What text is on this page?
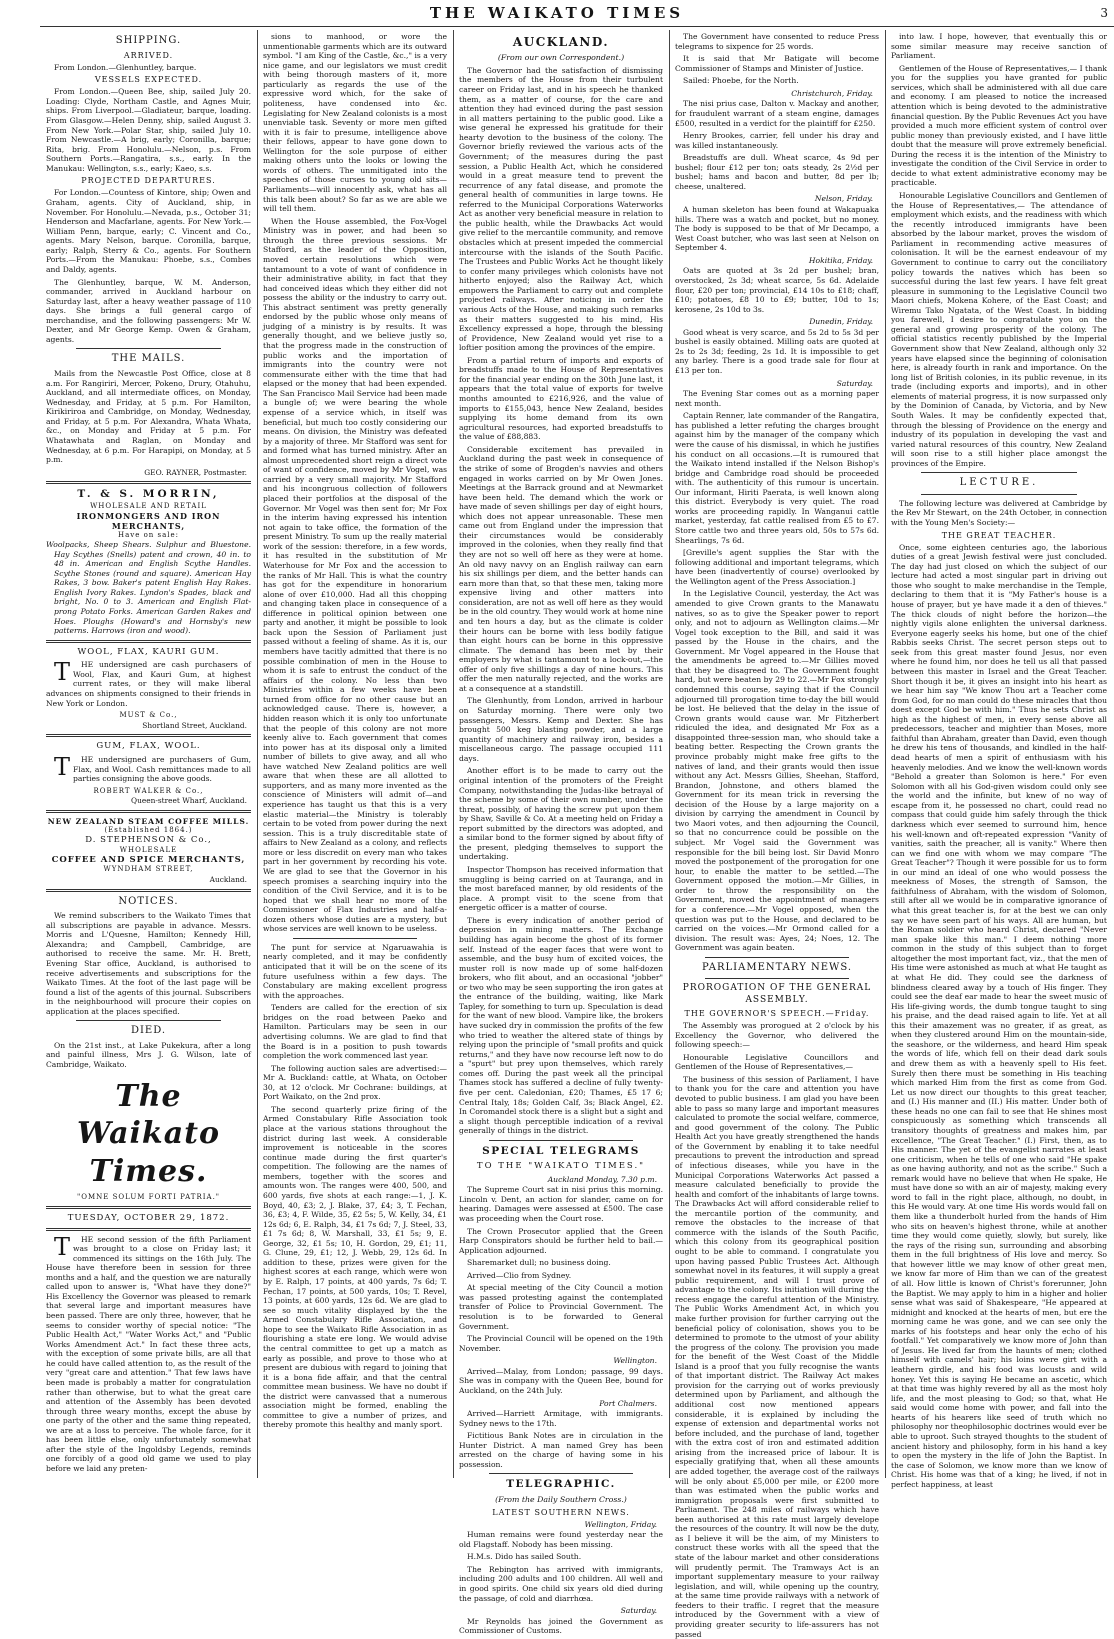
THE WAIKATO TIMES	3
SHIPPING.
ARRIVED.

From London.—Glenhuntley, barque.

VESSELS EXPECTED.

From London.—Queen Bee, ship, sailed July 20. Loading: Clyde, Northam Castle, and Agnes Muir, ships. From Liverpool.—Gladiateur, barque, loading. From Glasgow.—Helen Denny, ship, sailed August 3. From New York.—Polar Star, ship, sailed July 10. From Newcastle.—A brig, early; Coronilla, barque; Rita, brig. From Honolulu.—Nelson, p.s. From Southern Ports.—Rangatira, s.s., early. In the Manukau: Wellington, s.s., early; Kaeo, s.s.

PROJECTED DEPARTURES.

For London.—Countess of Kintore, ship; Owen and Graham, agents. City of Auckland, ship, in November. For Honolulu.—Nevada, p.s., October 31; Henderson and Macfarlane, agents. For New York.—William Penn, barque, early; C. Vincent and Co., agents. Mary Nelson, barque. Coronilla, barque, early; Ralph, Sterry & Co., agents. For Southern Ports.—From the Manukau: Phoebe, s.s., Combes and Daldy, agents.

The Glenhuntley, barque, W. M. Anderson, commander, arrived in Auckland harbour on Saturday last, after a heavy weather passage of 110 days. She brings a full general cargo of merchandise, and the following passengers: Mr W. Dexter, and Mr George Kemp. Owen & Graham, agents.

THE MAILS.

Mails from the Newcastle Post Office, close at 8 a.m. For Rangiriri, Mercer, Pokeno, Drury, Otahuhu, Auckland, and all intermediate offices, on Monday, Wednesday, and Friday, at 5 p.m. For Hamilton, Kirikiriroa and Cambridge, on Monday, Wednesday, and Friday, at 5 p.m. For Alexandra, Whata Whata, &c., on Monday and Friday at 5 p.m. For Whatawhata and Raglan, on Monday and Wednesday, at 6 p.m. For Harapipi, on Monday, at 5 p.m.

GEO. RAYNER, Postmaster.
T. & S. MORRIN,
WHOLESALE AND RETAIL
IRONMONGERS AND IRON MERCHANTS,
Have on sale:

Woolpacks, Sheep Shears. Sulphur and Bluestone. Hay Scythes (Snells) patent and crown, 40 in. to 48 in. American and English Scythe Handles. Scythe Stones (round and square). American Hay Rakes, 3 bow. Baker's patent English Hay Rakes. English Ivory Rakes. Lyndon's Spades, black and bright, No. 0 to 3. American and English Flat-prong Potato Forks. American Garden Rakes and Hoes. Ploughs (Howard's and Hornsby's new patterns. Harrows (iron and wood).

WOOL, FLAX, KAURI GUM.

T HE undersigned are cash purchasers of Wool, Flax, and Kauri Gum, at highest current rates, or they will make liberal advances on shipments consigned to their friends in New York or London.

MUST & Co.,
Shortland Street, Auckland.
GUM, FLAX, WOOL.

T HE undersigned are purchasers of Gum, Flax, and Wool. Cash remittances made to all parties consigning the above goods.

ROBERT WALKER & Co.,
Queen-street Wharf, Auckland.
NEW ZEALAND STEAM COFFEE MILLS.
(Established 1864.)
D. STEPHENSON & Co.,
WHOLESALE
COFFEE AND SPICE MERCHANTS,
WYNDHAM STREET,
Auckland.
NOTICES.

We remind subscribers to the Waikato Times that all subscriptions are payable in advance. Messrs. Morris and L'Quesne, Hamilton; Kennedy Hill, Alexandra; and Campbell, Cambridge, are authorised to receive the same. Mr. H. Brett, Evening Star office, Auckland, is authorised to receive advertisements and subscriptions for the Waikato Times. At the foot of the last page will be found a list of the agents of this journal. Subscribers in the neighbourhood will procure their copies on application at the places specified.

DIED.

On the 21st inst., at Lake Pukekura, after a long and painful illness, Mrs J. G. Wilson, late of Cambridge, Waikato.

The Waikato Times.
"OMNE SOLUM FORTI PATRIA."
TUESDAY, OCTOBER 29, 1872.

T HE second session of the fifth Parliament was brought to a close on Friday last; it commenced its sittings on the 16th July. The House have therefore been in session for three months and a half, and the question we are naturally called upon to answer is, "What have they done?" His Excellency the Governor was pleased to remark that several large and important measures have been passed. There are only three, however, that he seems to consider worthy of special notice: "The Public Health Act," "Water Works Act," and "Public Works Amendment Act." In fact these three acts, with the exception of some private bills, are all that he could have called attention to, as the result of the very "great care and attention." That few laws have been made is probably a matter for congratulation rather than otherwise, but to what the great care and attention of the Assembly has been devoted through three weary months, except the abuse by one party of the other and the same thing repeated, we are at a loss to perceive. The whole farce, for it has been little else, only unfortunately somewhat after the style of the Ingoldsby Legends, reminds one forcibly of a good old game we used to play before we laid any preten-

sions to manhood, or wore the unmentionable garments which are its outward symbol. "I am King of the Castle, &c.," is a very nice game, and our legislators we must credit with being thorough masters of it, more particularly as regards the use of the expressive word which, for the sake of politeness, have condensed into &c. Legislating for New Zealand colonists is a most unenviable task. Seventy or more men gifted with it is fair to presume, intelligence above their fellows, appear to have gone down to Wellington for the sole purpose of either making others unto the looks or lowing the words of others. The unmitigated into the speeches of those curses to young old sits—Parliaments—will innocently ask, what has all this talk been about? So far as we are able we will tell them.

When the House assembled, the Fox-Vogel Ministry was in power, and had been so through the three previous sessions. Mr Stafford, as the leader of the Opposition, moved certain resolutions which were tantamount to a vote of want of confidence in their administrative ability, in fact that they had conceived ideas which they either did not possess the ability or the industry to carry out. This abstract sentiment was pretty generally endorsed by the public whose only means of judging of a ministry is by results. It was generally thought, and we believe justly so, that the progress made in the construction of public works and the importation of immigrants into the country were not commensurate either with the time that had elapsed or the money that had been expended. The San Francisco Mail Service had been made a bungle of; we were bearing the whole expense of a service which, in itself was beneficial, but much too costly considering our means. On division, the Ministry was defeated by a majority of three. Mr Stafford was sent for and formed what has turned ministry. After an almost unprecedented short reign a direct vote of want of confidence, moved by Mr Vogel, was carried by a very small majority. Mr Stafford and his incongruous collection of followers placed their portfolios at the disposal of the Governor. Mr Vogel was then sent for; Mr Fox in the interim having expressed his intention not again to take office, the formation of the present Ministry. To sum up the really material work of the session: therefore, in a few words, it has resulted in the substitution of Mr Waterhouse for Mr Fox and the accession to the ranks of Mr Hall. This is what the country has got for the expenditure in honorarium alone of over £10,000. Had all this chopping and changing taken place in consequence of a difference in political opinion between one party and another, it might be possible to look back upon the Session of Parliament just passed without a feeling of shame. As it is, our members have tacitly admitted that there is no possible combination of men in the House to whom it is safe to entrust the conduct of the affairs of the colony. No less than two Ministries within a few weeks have been turned from office for no other cause but an acknowledged cause. There is, however, a hidden reason which it is only too unfortunate that the people of this colony are not more keenly alive to. Each government that comes into power has at its disposal only a limited number of billets to give away, and all who have watched New Zealand politics are well aware that when these are all allotted to supporters, and as many more invented as the conscience of Ministers will admit of—and experience has taught us that this is a very elastic material—the Ministry is tolerably certain to be voted from power during the next session. This is a truly discreditable state of affairs to New Zealand as a colony, and reflects more or less discredit on every man who takes part in her government by recording his vote. We are glad to see that the Governor in his speech promises a searching inquiry into the condition of the Civil Service, and it is to be hoped that we shall hear no more of the Commissioner of Flax Industries and half-a-dozen others whose duties are a mystery, but whose services are well known to be useless.

The punt for service at Ngaruawahia is nearly completed, and it may be confidently anticipated that it will be on the scene of its future usefulness within a few days. The Constabulary are making excellent progress with the approaches.

Tenders are called for the erection of six bridges on the road between Paeko and Hamilton. Particulars may be seen in our advertising columns. We are glad to find that the Board is in a position to push towards completion the work commenced last year.

The following auction sales are advertised:—Mr A. Buckland: cattle, at Whata, on October 30, at 12 o'clock. Mr Cochrane: buildings, at Port Waikato, on the 2nd prox.

The second quarterly prize firing of the Armed Constabulary Rifle Association took place at the various stations throughout the district during last week. A considerable improvement is noticeable in the scores continue made during the first quarter's competition. The following are the names of members, together with the scores and amounts won. The ranges were 400, 500, and 600 yards, five shots at each range:—1, J. K. Boyd, 40, £3; 2, J. Blake, 37, £4; 3, T. Fechan, 36, £3; 4, F. Wilde, 35, £2 5s; 5, W. Kelly, 34, £1 12s 6d; 6, E. Ralph, 34, £1 7s 6d; 7, J. Steel, 33, £1 7s 6d; 8, W. Marshall, 33, £1 5s; 9, E. George, 32, £1 5s; 10, H. Gordon, 29, £1; 11, G. Clune, 29, £1; 12, J. Webb, 29, 12s 6d. In addition to these, prizes were given for the highest scores at each range, which were won by E. Ralph, 17 points, at 400 yards, 7s 6d; T. Fechan, 17 points, at 500 yards, 10s; T. Revel, 13 points, at 600 yards, 12s 6d. We are glad to see so much vitality displayed by the the Armed Constabulary Rifle Association, and hope to see the Waikato Rifle Association in as flourishing a state ere long. We would advise the central committee to get up a match as early as possible, and prove to those who at present are dubious with regard to joining that it is a bona fide affair, and that the central committee mean business. We have no doubt if the district were canvassed that a numerous association might be formed, enabling the committee to give a number of prizes, and thereby promote this healthy and manly sport.

AUCKLAND.
(From our own Correspondent.)

The Governor had the satisfaction of dismissing the members of the House from their turbulent career on Friday last, and in his speech he thanked them, as a matter of course, for the care and attention they had evinced during the past session in all matters pertaining to the public good. Like a wise general he expressed his gratitude for their hearty devotion to the business of the colony. The Governor briefly reviewed the various acts of the Government; of the measures during the past session, a Public Health Act, which he considered would in a great measure tend to prevent the recurrence of any fatal disease, and promote the general health of communities in large towns. He referred to the Municipal Corporations Waterworks Act as another very beneficial measure in relation to the public health, while the Drawbacks Act would give relief to the mercantile community, and remove obstacles which at present impeded the commercial intercourse with the islands of the South Pacific. The Trustees and Public Works Act he thought likely to confer many privileges which colonists have not hitherto enjoyed; also the Railway Act, which empowers the Parliament to carry out and complete projected railways. After noticing in order the various Acts of the House, and making such remarks as their matters suggested to his mind, His Excellency expressed a hope, through the blessing of Providence, New Zealand would yet rise to a loftier position among the provinces of the empire.

From a partial return of imports and exports of breadstuffs made to the House of Representatives for the financial year ending on the 30th June last, it appears that the total value of exports for twelve months amounted to £216,926, and the value of imports to £155,043, hence New Zealand, besides supplying its home demand from its own agricultural resources, had exported breadstuffs to the value of £88,883.

Considerable excitement has prevailed in Auckland during the past week in consequence of the strike of some of Brogden's navvies and others engaged in works carried on by Mr Owen Jones. Meetings at the Barrack ground and at Newmarket have been held. The demand which the work or have made of seven shillings per day of eight hours, which does not appear unreasonable. These men came out from England under the impression that their circumstances would be considerably improved in the colonies, when they really find that they are not so well off here as they were at home. An old navy navvy on an English railway can earn his six shillings per diem, and the better hands can earn more than that, so that these men, taking more expensive living and other matters into consideration, are not as well off here as they would be in the old country. They would work at home nine and ten hours a day, but as the climate is colder their hours can be borne with less bodily fatigue than eight hours can be borne in this oppressive climate. The demand has been met by their employers by what is tantamount to a lock-out,—the offer of only five shillings a day of nine hours. This offer the men naturally rejected, and the works are at a consequence at a standstill.

The Glenhuntly, from London, arrived in harbour on Saturday morning. There were only two passengers, Messrs. Kemp and Dexter. She has brought 500 keg blasting powder, and a large quantity of machinery and railway iron, besides a miscellaneous cargo. The passage occupied 111 days.

Another effort is to be made to carry out the original intention of the promoters of the Freight Company, notwithstanding the Judas-like betrayal of the scheme by some of their own number, under the threat, possibly, of having the screw put upon them by Shaw, Saville & Co. At a meeting held on Friday a report submitted by the directors was adopted, and a similar bond to the former signed by about fifty of the present, pledging themselves to support the undertaking.

Inspector Thompson has received information that smuggling is being carried on at Tauranga, and in the most barefaced manner, by old residents of the place. A prompt visit to the scene from that energetic officer is a matter of course.

There is every indication of another period of depression in mining matters. The Exchange building has again become the ghost of its former self. Instead of the eager faces that were wont to assemble, and the busy hum of excited voices, the muster roll is now made up of some half-dozen brokers, who flit about, and an occasional "jobber" or two who may be seen supporting the iron gates at the entrance of the building, waiting, like Mark Tapley, for something to turn up. Speculation is dead for the want of new blood. Vampire like, the brokers have sucked dry in commission the profits of the few who tried to weather the altered state of things by relying upon the principle of "small profits and quick returns," and they have now recourse left now to do a "spurt" but prey upon themselves, which rarely comes off. During the past week all the principal Thames stock has suffered a decline of fully twenty-five per cent. Caledonian, £20; Thames, £5 17 6; Central Italy, 18s; Golden Calf, 3s; Black Angel, £2. In Coromandel stock there is a slight but a sight and a slight though perceptible indication of a revival generally of things in the district.

SPECIAL TELEGRAMS
TO THE "WAIKATO TIMES."
Auckland Monday, 7.30 p.m.

The Supreme Court sat in nisi prius this morning. Lincoln v. Dent, an action for slander, came on for hearing. Damages were assessed at £500. The case was proceeding when the Court rose.

The Crown Prosecutor applied that the Green Harp Conspirators should be further held to bail.—Application adjourned.

Sharemarket dull; no business doing.

Arrived—Clio from Sydney.

At special meeting of the City Council a motion was passed protesting against the contemplated transfer of Police to Provincial Government. The resolution is to be forwarded to General Government.

The Provincial Council will be opened on the 19th November.

Wellington.

Arrived—Malay, from London; passage, 99 days. She was in company with the Queen Bee, bound for Auckland, on the 24th July.

Port Chalmers.

Arrived—Harriett Armitage, with immigrants. Sydney news to the 17th.

Fictitious Bank Notes are in circulation in the Hunter District. A man named Grey has been arrested on the charge of having some in his possession.

TELEGRAPHIC.
(From the Daily Southern Cross.)
LATEST SOUTHERN NEWS.
Wellington, Friday.

Human remains were found yesterday near the old Flagstaff. Nobody has been missing.

H.M.s. Dido has sailed South.

The Rebington has arrived with immigrants, including 200 adults and 100 children. All well and in good spirits. One child six years old died during the passage, of cold and diarrhœa.

Saturday.

Mr Reynolds has joined the Government as Commissioner of Customs.

The Government have consented to reduce Press telegrams to sixpence for 25 words.

It is said that Mr Batigate will become Commissioner of Stamps and Minister of Justice.

Sailed: Phoebe, for the North.

Christchurch, Friday.

The nisi prius case, Dalton v. Mackay and another, for fraudulent warrant of a steam engine, damages £500, resulted in a verdict for the plaintiff for £250.

Henry Brookes, carrier, fell under his dray and was killed instantaneously.

Breadstuffs are dull. Wheat scarce, 4s 9d per bushel; flour £12 per ton; oats steady, 2s 2½d per bushel; hams and bacon and butter, 8d per lb; cheese, unaltered.

Nelson, Friday.

A human skeleton has been found at Wakapuaka hills. There was a watch and pocket, but no money. The body is supposed to be that of Mr Decampo, a West Coast butcher, who was last seen at Nelson on September 4.

Hokitika, Friday.

Oats are quoted at 3s 2d per bushel; bran, overstocked, 2s 3d; wheat scarce, 5s 6d. Adelaide flour, £20 per ton; provincial, £14 10s to £18; chaff, £10; potatoes, £8 10 to £9; butter, 10d to 1s; kerosene, 2s 10d to 3s.

Dunedin, Friday.

Good wheat is very scarce, and 5s 2d to 5s 3d per bushel is easily obtained. Milling oats are quoted at 2s to 2s 3d; feeding, 2s 1d. It is impossible to get any barley. There is a good trade sale for flour at £13 per ton.

Saturday.

The Evening Star comes out as a morning paper next month.

Captain Renner, late commander of the Rangatira, has published a letter refuting the charges brought against him by the manager of the company which were the cause of his dismissal, in which he justifies his conduct on all occasions.—It is rumoured that the Waikato intend installed if the Nelson Bishop's bridge and Cambridge road should be proceeded with. The authenticity of this rumour is uncertain. Our informant, Hiriti Paerata, is well known along this district. Everybody is very quiet. The road works are proceeding rapidly. In Wanganui cattle market, yesterday, fat cattle realised from £5 to £7. Store cattle two and three years old, 50s to 57s 6d. Shearlings, 7s 6d.

[Greville's agent supplies the Star with the following additional and important telegrams, which have been (inadvertently of course) overlooked by the Wellington agent of the Press Association.]

In the Legislative Council, yesterday, the Act was amended to give Crown grants to the Manawatu natives, so as to give the Speaker power to report only, and not to adjourn as Wellington claims.—Mr Vogel took exception to the Bill, and said it was passed by the House in the chairs, and the Government. Mr Vogel appeared in the House that the amendments be agreed to.—Mr Gillies moved that they be disagreed to. The Government fought hard, but were beaten by 29 to 22.—Mr Fox strongly condemned this course, saying that if the Council adjourned till prorogation time to-day the bill would be lost. He believed that the delay in the issue of Crown grants would cause war. Mr Fitzherbert ridiculed the idea, and designated Mr Fox as a disappointed three-session man, who should take a beating better. Respecting the Crown grants the province probably might make free gifts to the natives of land, and their grants would then issue without any Act. Messrs Gillies, Sheehan, Stafford, Brandon, Johnstone, and others blamed the Government for its mean trick in reversing the decision of the House by a large majority on a division by carrying the amendment in Council by two Maori votes, and then adjourning the Council, so that no concurrence could be possible on the subject. Mr Vogel said the Government was responsible for the bill being lost. Sir David Monro moved the postponement of the prorogation for one hour, to enable the matter to be settled.—The Government opposed the motion.—Mr Gillies, in order to throw the responsibility on the Government, moved the appointment of managers for a conference.—Mr Vogel opposed, when the question was put to the House, and declared to be carried on the voices.—Mr Ormond called for a division. The result was: Ayes, 24; Noes, 12. The Government was again beaten.

PARLIAMENTARY NEWS.
PROROGATION OF THE GENERAL ASSEMBLY.
THE GOVERNOR'S SPEECH.—Friday.

The Assembly was prorogued at 2 o'clock by his Excellency the Governor, who delivered the following speech:—

Honourable Legislative Councillors and Gentlemen of the House of Representatives,—

The business of this session of Parliament, I have to thank you for the care and attention you have devoted to public business. I am glad you have been able to pass so many large and important measures calculated to promote the social welfare, commerce, and good government of the colony. The Public Health Act you have greatly strengthened the hands of the Government by enabling it to take needful precautions to prevent the introduction and spread of infectious diseases, while you have in the Municipal Corporations Waterworks Act passed a measure calculated beneficially to provide the health and comfort of the inhabitants of large towns. The Drawbacks Act will afford considerable relief to the mercantile portion of the community, and remove the obstacles to the increase of that commerce with the islands of the South Pacific, which this colony from its geographical position ought to be able to command. I congratulate you upon having passed Public Trustees Act. Although somewhat novel in its features, it will supply a great public requirement, and will I trust prove of advantage to the colony. Its initiation will during the recess engage the careful attention of the Ministry. The Public Works Amendment Act, in which you make further provision for further carrying out the beneficial policy of colonisation, shows you to be determined to promote to the utmost of your ability the progress of the colony. The provision you made for the benefit of the West Coast of the Middle Island is a proof that you fully recognise the wants of that important district. The Railway Act makes provision for the carrying out of works previously determined upon by Parliament, and although the additional cost now mentioned appears considerable, it is explained by including the expense of extension and departmental works not before included, and the purchase of land, together with the extra cost of iron and estimated addition arising from the increased price of labour. It is especially gratifying that, when all these amounts are added together, the average cost of the railways will be only about £5,000 per mile, or £200 more than was estimated when the public works and immigration proposals were first submitted to Parliament. The 248 miles of railways which have been authorised at this rate must largely develope the resources of the country. It will now be the duty, as I believe it will be the aim, of my Ministers to construct these works with all the speed that the state of the labour market and other considerations will prudently permit. The Tramways Act is an important supplementary measure to your railway legislation, and will, while opening up the country, at the same time provide railways with a network of feeders to their traffic. I regret that the measure introduced by the Government with a view of providing greater security to life-assurers has not passed

into law. I hope, however, that eventually this or some similar measure may receive sanction of Parliament.

Gentlemen of the House of Representatives,— I thank you for the supplies you have granted for public services, which shall be administered with all due care and economy. I am pleased to notice the increased attention which is being devoted to the administrative financial question. By the Public Revenues Act you have provided a much more efficient system of control over public money than previously existed, and I have little doubt that the measure will prove extremely beneficial. During the recess it is the intention of the Ministry to investigate the condition of the Civil Service in order to decide to what extent administrative economy may be practicable.

Honourable Legislative Councillors and Gentlemen of the House of Representatives,— The attendance of employment which exists, and the readiness with which the recently introduced immigrants have been absorbed by the labour market, proves the wisdom of Parliament in recommending active measures of colonisation. It will be the earnest endeavour of my Government to continue to carry out the conciliatory policy towards the natives which has been so successful during the last few years. I have felt great pleasure in summoning to the Legislative Council two Maori chiefs, Mokena Kohere, of the East Coast; and Wiremu Tako Ngatata, of the West Coast. In bidding you farewell, I desire to congratulate you on the general and growing prosperity of the colony. The official statistics recently published by the Imperial Government show that New Zealand, although only 32 years have elapsed since the beginning of colonisation here, is already fourth in rank and importance. On the long list of British colonies, in its public revenue, in its trade (including exports and imports), and in other elements of material progress, it is now surpassed only by the Dominion of Canada, by Victoria, and by New South Wales. It may be confidently expected that, through the blessing of Providence on the energy and industry of its population in developing the vast and varied natural resources of this country, New Zealand will soon rise to a still higher place amongst the provinces of the Empire.

LECTURE.

The following lecture was delivered at Cambridge by the Rev Mr Stewart, on the 24th October, in connection with the Young Men's Society:—

THE GREAT TEACHER.

Once, some eighteen centuries ago, the laborious duties of a great Jewish festival were just concluded. The day had just closed on which the subject of our lecture had acted a most singular part in driving out those who sought to make merchandise in the Temple, declaring to them that it is "My Father's house is a house of prayer, but ye have made it a den of thieves." The thick clouds of night before the horizon—the nightly vigils alone enlighten the universal darkness. Everyone eagerly seeks his home, but one of the chief Rabbis seeks Christ. The secret person steps out to seek from this great master found Jesus, nor even where he found him, nor does he tell us all that passed between this master in Israel and the Great Teacher. Short though it be, it gives an insight into his heart as we hear him say "We know Thou art a Teacher come from God, for no man could do these miracles that thou doest except God be with him." Thus he sets Christ as high as the highest of men, in every sense above all predecessors, teacher and mightier than Moses, more faithful than Abraham, greater than David, even though he drew his tens of thousands, and kindled in the half-dead hearts of men a spirit of enthusiasm with his heavenly melodies. And we know the well-known words "Behold a greater than Solomon is here." For even Solomon with all his God-given wisdom could only see the world and the infinite, but knew of no way of escape from it, he possessed no chart, could read no compass that could guide him safely through the thick darkness which ever seemed to surround him, hence his well-known and oft-repeated expression "Vanity of vanities, saith the preacher, all is vanity." Where then can we find one with whom we may compare "The Great Teacher"? Though it were possible for us to form in our mind an ideal of one who would possess the meekness of Moses, the strength of Samson, the faithfulness of Abraham, with the wisdom of Solomon, still after all we would be in comparative ignorance of what this great teacher is, for at the best we can only say we have seen part of his ways. All are human, but the Roman soldier who heard Christ, declared "Never man spake like this man." I deem nothing more common in the study of this subject than to forget altogether the most important fact, viz., that the men of His time were astonished as much at what He taught as at what He did. They could see the darkness of blindness cleared away by a touch of His finger. They could see the deaf ear made to hear the sweet music of His life-giving words, the dumb tongue taught to sing his praise, and the dead raised again to life. Yet at all this their amazement was no greater, if as great, as when they clustered around Him on the mountain-side, the seashore, or the wilderness, and heard Him speak the words of life, which fell on their dead dark souls and drew them as with a heavenly spell to His feet. Surely then there must be something in His teaching which marked Him from the first as come from God. Let us now direct our thoughts to this great teacher, and (I.) His manner and (II.) His matter. Under both of these heads no one can fail to see that He shines most conspicuously as something which transcends all transitory thoughts of greatness and makes him, par excellence, "The Great Teacher." (I.) First, then, as to His manner. The yet of the evangelist narrates at least one criticism, when he tells of one who said "He spake as one having authority, and not as the scribe." Such a remark would have no believe that when He spake, He must have done so with an air of majesty, making every word to fall in the right place, although, no doubt, in this He would vary. At one time His words would fall on them like a thunderbolt hurled from the hands of Him who sits on heaven's highest throne, while at another time they would come quietly, slowly, but surely, like the rays of the rising sun, surrounding and absorbing them in the full brightness of His love and mercy. So that however little we may know of other great men, we know far more of Him than we can of the greatest of all. How little is known of Christ's forerunner, John the Baptist. We may apply to him in a higher and holier sense what was said of Shakespeare, "He appeared at midnight and knocked at the hearts of men, but ere the morning came he was gone, and we can see only the marks of his footsteps and hear only the echo of his footfall." Yet comparatively we know more of John than of Jesus. He lived far from the haunts of men; clothed himself with camels' hair; his loins were girt with a leathern girdle, and his food was locusts and wild honey. Yet this is saying He became an ascetic, which at that time was highly revered by all as the most holy life, and the most pleasing to God; so that, what He said would come home with power, and fall into the hearts of his hearers like seed of truth which no philosophy nor theophilosophic doctrines would ever be able to uproot. Such strayed thoughts to the student of ancient history and philosophy, form in his hand a key to open the mystery in the life of John the Baptist. In the case of Solomon, we know more than we know of Christ. His home was that of a king; he lived, if not in perfect happiness, at least
